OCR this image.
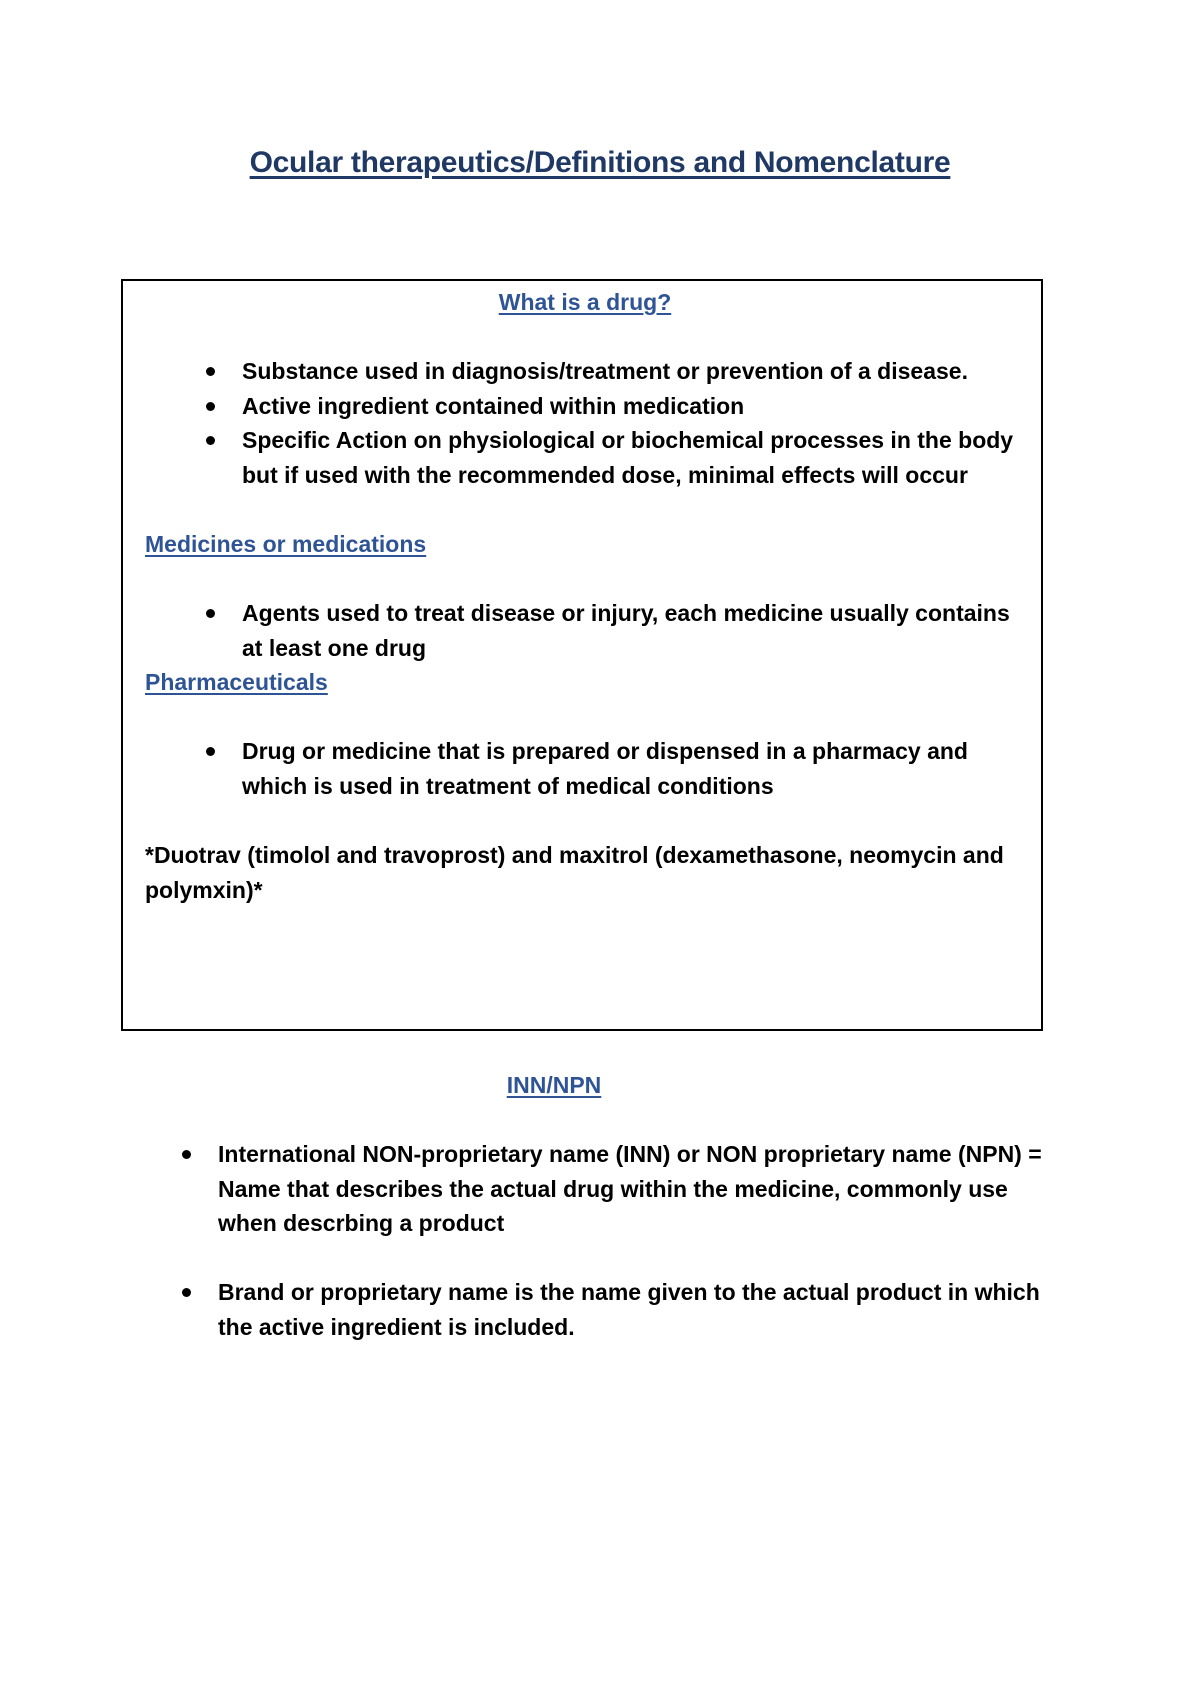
Ocular therapeutics/Definitions and Nomenclature

What is a drug?

Substance used in diagnosis/treatment or prevention of a disease.
Active ingredient contained within medication
Specific Action on physiological or biochemical processes in the body but if used with the recommended dose, minimal effects will occur

Medicines or medications

Agents used to treat disease or injury, each medicine usually contains at least one drug

Pharmaceuticals

Drug or medicine that is prepared or dispensed in a pharmacy and which is used in treatment of medical conditions

*Duotrav (timolol and travoprost) and maxitrol (dexamethasone, neomycin and polymxin)*

INN/NPN

International NON-proprietary name (INN) or NON proprietary name (NPN) = Name that describes the actual drug within the medicine, commonly use when descrbing a product
Brand or proprietary name is the name given to the actual product in which the active ingredient is included.
